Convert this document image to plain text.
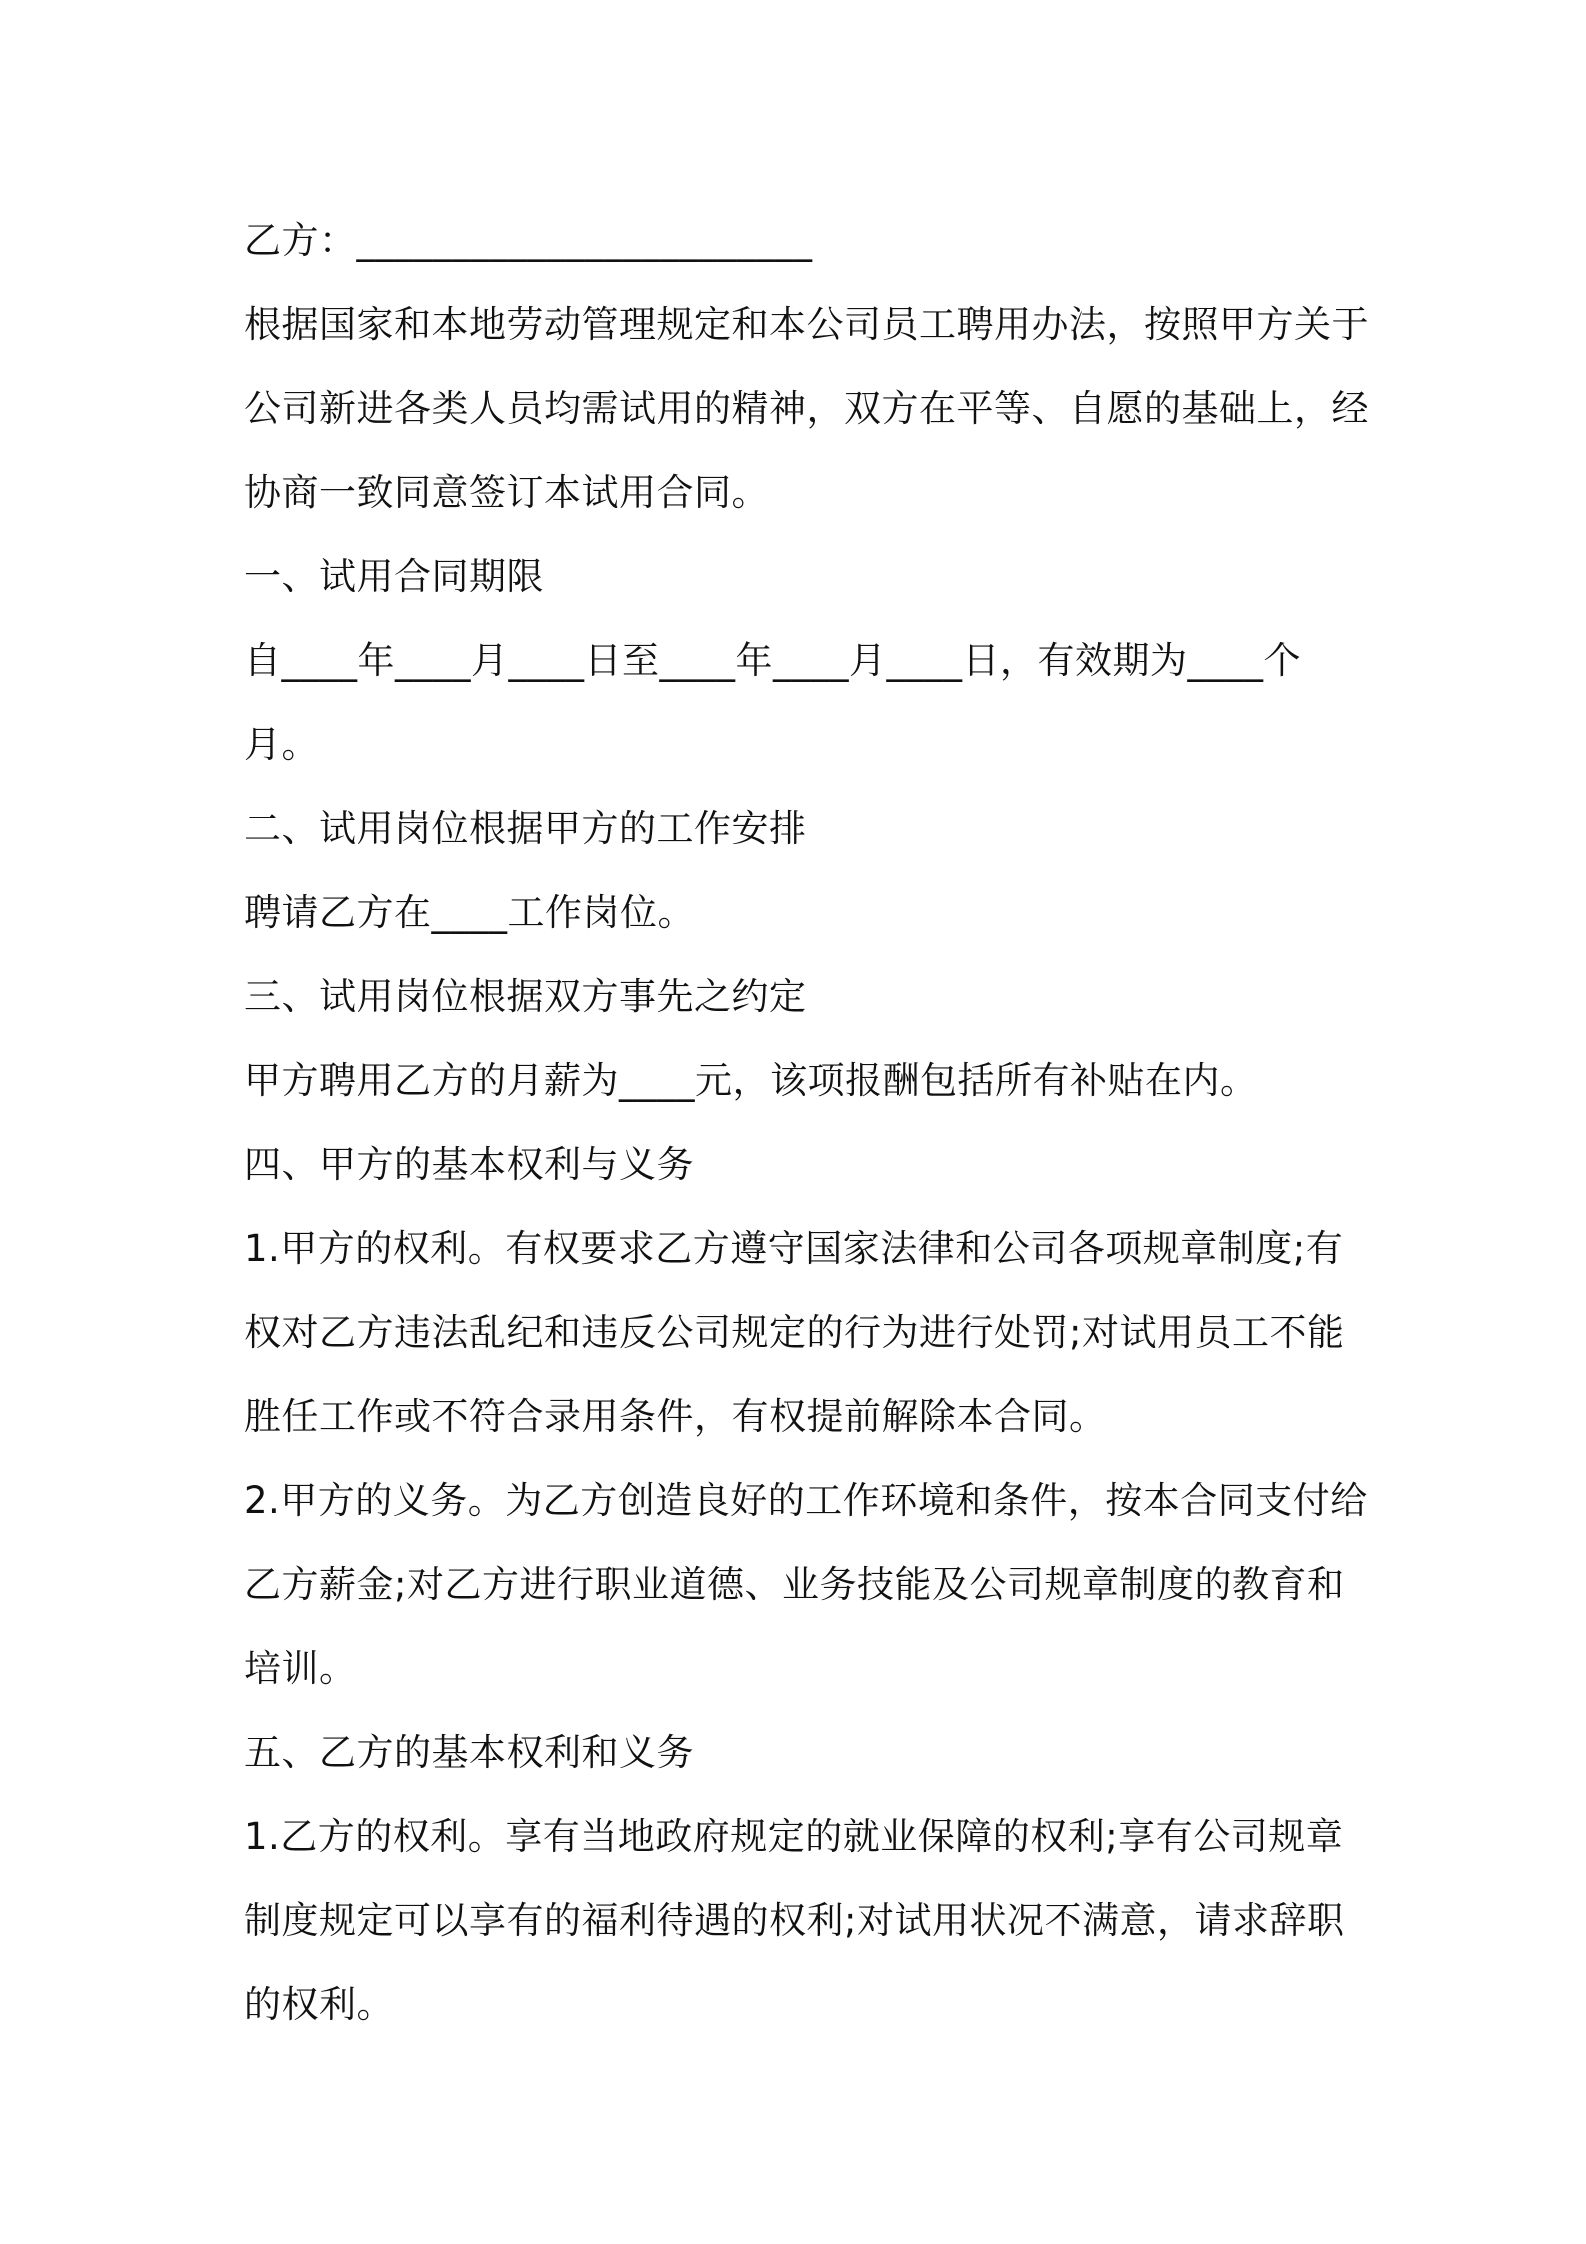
乙方：________________________
根据国家和本地劳动管理规定和本公司员工聘用办法，按照甲方关于
公司新进各类人员均需试用的精神，双方在平等、自愿的基础上，经
协商一致同意签订本试用合同。
一、试用合同期限
自____年____月____日至____年____月____日，有效期为____个
月。
二、试用岗位根据甲方的工作安排
聘请乙方在____工作岗位。
三、试用岗位根据双方事先之约定
甲方聘用乙方的月薪为____元，该项报酬包括所有补贴在内。
四、甲方的基本权利与义务
1.甲方的权利。有权要求乙方遵守国家法律和公司各项规章制度;有
权对乙方违法乱纪和违反公司规定的行为进行处罚;对试用员工不能
胜任工作或不符合录用条件，有权提前解除本合同。
2.甲方的义务。为乙方创造良好的工作环境和条件，按本合同支付给
乙方薪金;对乙方进行职业道德、业务技能及公司规章制度的教育和
培训。
五、乙方的基本权利和义务
1.乙方的权利。享有当地政府规定的就业保障的权利;享有公司规章
制度规定可以享有的福利待遇的权利;对试用状况不满意，请求辞职
的权利。
